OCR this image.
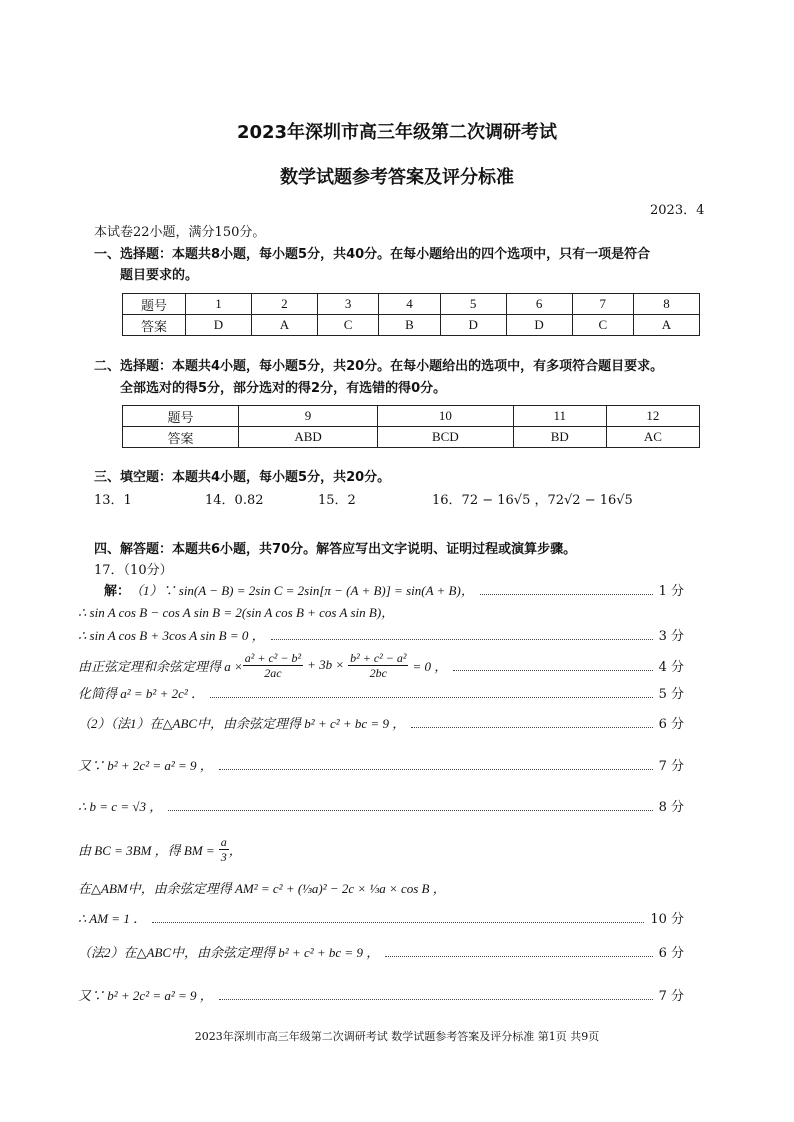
2023年深圳市高三年级第二次调研考试
数学试题参考答案及评分标准
2023．4
本试卷22小题，满分150分。
一、选择题：本题共8小题，每小题5分，共40分。在每小题给出的四个选项中，只有一项是符合
题目要求的。
题号	1	2	3	4	5	6	7	8
答案	D	A	C	B	D	D	C	A
二、选择题：本题共4小题，每小题5分，共20分。在每小题给出的选项中，有多项符合题目要求。
全部选对的得5分，部分选对的得2分，有选错的得0分。
题号	9	10	11	12
答案	ABD	BCD	BD	AC
三、填空题：本题共4小题，每小题5分，共20分。
13．1	14．0.82	15．2	16．72 − 16√5 ，72√2 − 16√5
四、解答题：本题共6小题，共70分。解答应写出文字说明、证明过程或演算步骤。
17．（10分）
解： （1）∵ sin(A − B) = 2sin C = 2sin[π − (A + B)] = sin(A + B)，	1 分
∴ sin A cos B − cos A sin B = 2(sin A cos B + cos A sin B)，
∴ sin A cos B + 3cos A sin B = 0 ，	3 分
由正弦定理和余弦定理得 $a \times \frac{\text{a² + c² − b²}}{2ac} + 3b \times \frac{\text{b² + c² − a²}}{2bc} = 0$ ，	4 分
化简得 a² = b² + 2c² ．	5 分
（2）（法1）在△ABC中，由余弦定理得 b² + c² + bc = 9 ，	6 分
又∵ b² + 2c² = a² = 9 ，	7 分
∴ b = c = √3 ，	8 分
由 BC = 3BM ，得 BM = $\frac{a}{3}$ ，
在△ABM中，由余弦定理得 AM² = c² + (⅓a)² − 2c × ⅓a × cos B ，
∴ AM = 1 ．	10 分
（法2）在△ABC中，由余弦定理得 b² + c² + bc = 9 ，	6 分
又∵ b² + 2c² = a² = 9 ，	7 分
2023年深圳市高三年级第二次调研考试 数学试题参考答案及评分标准 第1页 共9页
